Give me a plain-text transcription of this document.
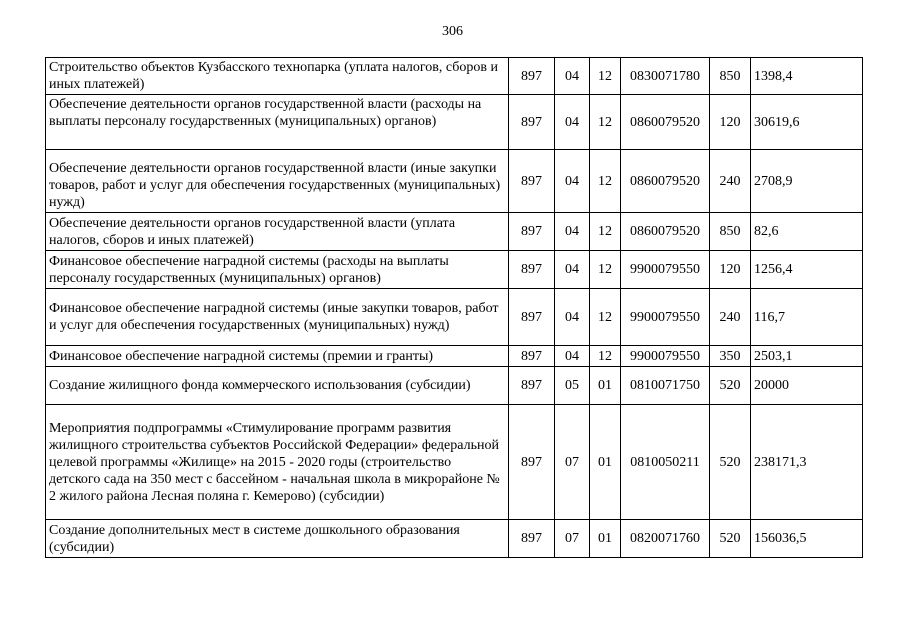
306
Строительство объектов Кузбасского технопарка (уплата налогов, сборов и иных платежей)	897	04	12	0830071780	850	1398,4
Обеспечение деятельности органов государственной власти (расходы на выплаты персоналу государственных (муниципальных) органов)	897	04	12	0860079520	120	30619,6
Обеспечение деятельности органов государственной власти (иные закупки товаров, работ и услуг для обеспечения государственных (муниципальных) нужд)	897	04	12	0860079520	240	2708,9
Обеспечение деятельности органов государственной власти (уплата налогов, сборов и иных платежей)	897	04	12	0860079520	850	82,6
Финансовое обеспечение наградной системы (расходы на выплаты персоналу государственных (муниципальных) органов)	897	04	12	9900079550	120	1256,4
Финансовое обеспечение наградной системы (иные закупки товаров, работ и услуг для обеспечения государственных (муниципальных) нужд)	897	04	12	9900079550	240	116,7
Финансовое обеспечение наградной системы (премии и гранты)	897	04	12	9900079550	350	2503,1
Создание жилищного фонда коммерческого использования (субсидии)	897	05	01	0810071750	520	20000
Мероприятия подпрограммы «Стимулирование программ развития жилищного строительства субъектов Российской Федерации» федеральной целевой программы «Жилище» на 2015 - 2020 годы (строительство детского сада на 350 мест с бассейном - начальная школа в микрорайоне № 2 жилого района Лесная поляна г. Кемерово) (субсидии)	897	07	01	0810050211	520	238171,3
Создание дополнительных мест в системе дошкольного образования (субсидии)	897	07	01	0820071760	520	156036,5
